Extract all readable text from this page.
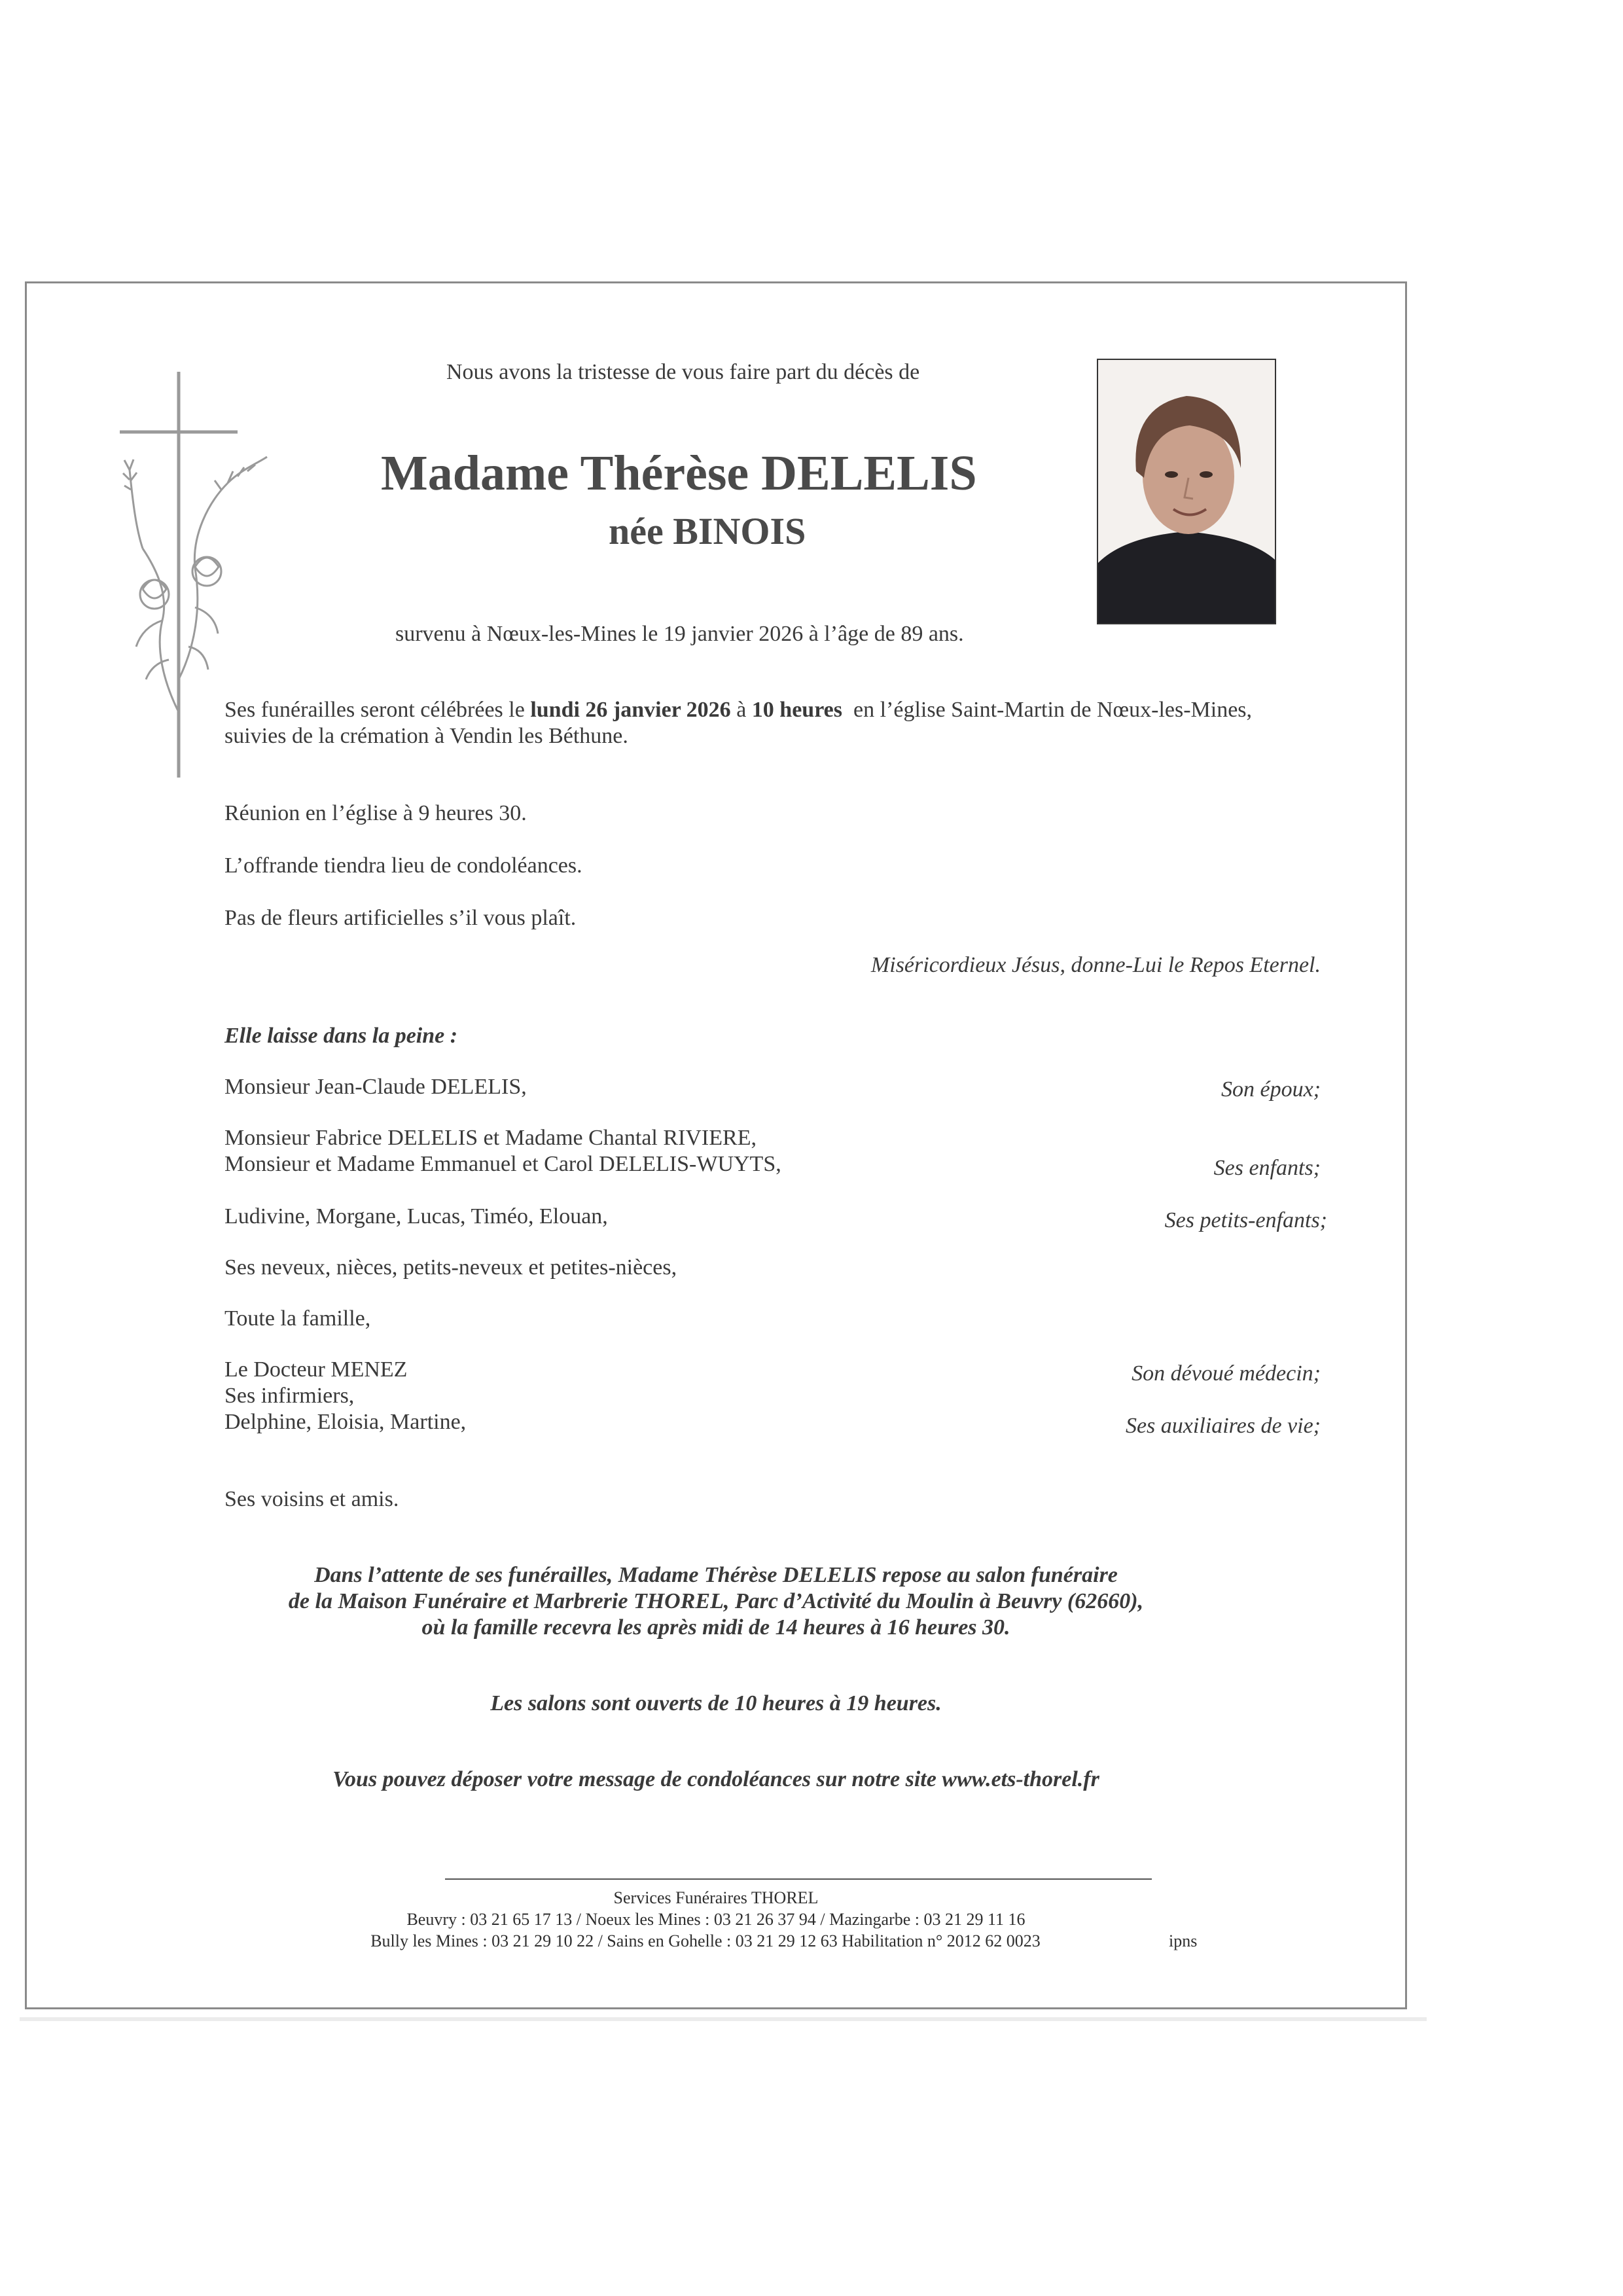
Nous avons la tristesse de vous faire part du décès de

Madame Thérèse DELELIS

née BINOIS

survenu à Nœux-les-Mines le 19 janvier 2026 à l’âge de 89 ans.

Ses funérailles seront célébrées le lundi 26 janvier 2026 à 10 heures  en l’église Saint-Martin de Nœux-les-Mines,

suivies de la crémation à Vendin les Béthune.

Réunion en l’église à 9 heures 30.

L’offrande tiendra lieu de condoléances.

Pas de fleurs artificielles s’il vous plaît.

Miséricordieux Jésus, donne-Lui le Repos Eternel.

Elle laisse dans la peine :

Monsieur Jean-Claude DELELIS,	Son époux;

Monsieur Fabrice DELELIS et Madame Chantal RIVIERE,

Monsieur et Madame Emmanuel et Carol DELELIS-WUYTS,	Ses enfants;

Ludivine, Morgane, Lucas, Timéo, Elouan,	Ses petits-enfants;

Ses neveux, nièces, petits-neveux et petites-nièces,

Toute la famille,

Le Docteur MENEZ	Son dévoué médecin;

Ses infirmiers,

Delphine, Eloisia, Martine,	Ses auxiliaires de vie;

Ses voisins et amis.

Dans l’attente de ses funérailles, Madame Thérèse DELELIS repose au salon funéraire

de la Maison Funéraire et Marbrerie THOREL, Parc d’Activité du Moulin à Beuvry (62660),

où la famille recevra les après midi de 14 heures à 16 heures 30.

Les salons sont ouverts de 10 heures à 19 heures.

Vous pouvez déposer votre message de condoléances sur notre site www.ets-thorel.fr

Services Funéraires THOREL

Beuvry : 03 21 65 17 13 / Noeux les Mines : 03 21 26 37 94 / Mazingarbe : 03 21 29 11 16

Bully les Mines : 03 21 29 10 22 / Sains en Gohelle : 03 21 29 12 63 Habilitation n° 2012 62 0023	ipns
